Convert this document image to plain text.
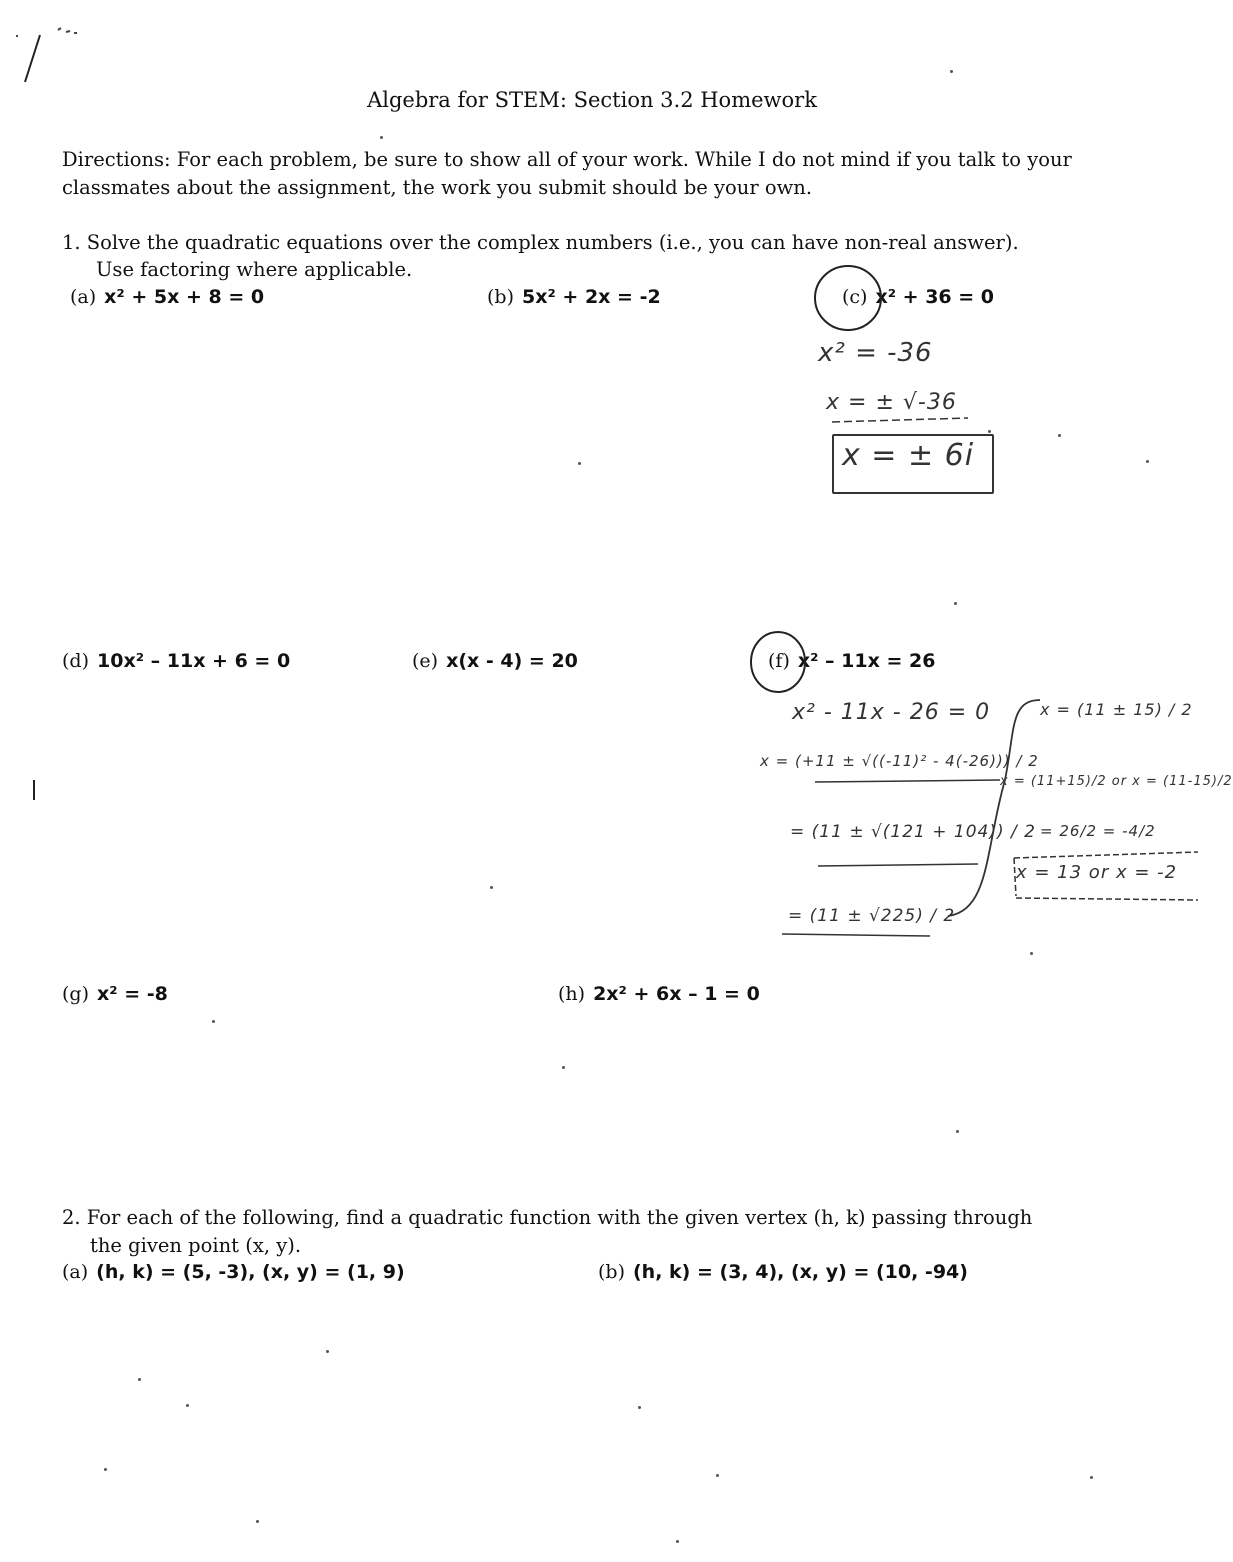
Algebra for STEM: Section 3.2 Homework
Directions: For each problem, be sure to show all of your work. While I do not mind if you talk to your classmates about the assignment, the work you submit should be your own.
1. Solve the quadratic equations over the complex numbers (i.e., you can have non-real answer).
Use factoring where applicable.
(a) x² + 5x + 8 = 0	(b) 5x² + 2x = -2	(c) x² + 36 = 0
x² = -36
x = ± √-36
x = ± 6i
(d) 10x² – 11x + 6 = 0	(e) x(x - 4) = 20	(f) x² – 11x = 26
x² - 11x - 26 = 0
x = (+11 ± √((-11)² - 4(-26))) / 2
= (11 ± √(121 + 104)) / 2
= (11 ± √225) / 2
x = (11 ± 15) / 2
x = (11+15)/2 or x = (11-15)/2
= 26/2 = -4/2
x = 13 or x = -2
(g) x² = -8	(h) 2x² + 6x – 1 = 0
2. For each of the following, find a quadratic function with the given vertex (h, k) passing through
the given point (x, y).
(a) (h, k) = (5, -3), (x, y) = (1, 9)	(b) (h, k) = (3, 4), (x, y) = (10, -94)
